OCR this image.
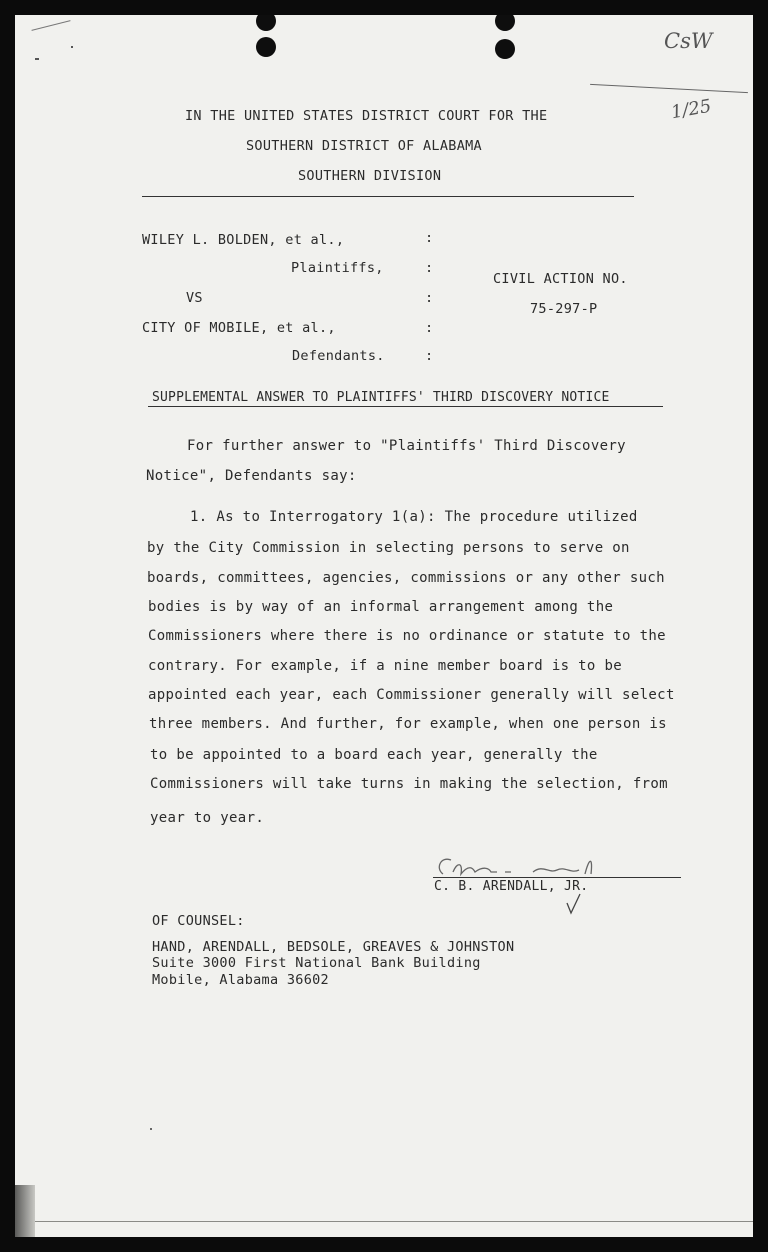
CsW
1/25
IN THE UNITED STATES DISTRICT COURT FOR THE
SOUTHERN DISTRICT OF ALABAMA
SOUTHERN DIVISION
WILEY L. BOLDEN, et al.,
Plaintiffs,
VS
CITY OF MOBILE, et al.,
Defendants.
:
:
:
:
:
CIVIL ACTION NO.
75-297-P
SUPPLEMENTAL ANSWER TO PLAINTIFFS' THIRD DISCOVERY NOTICE
For further answer to "Plaintiffs' Third Discovery
Notice", Defendants say:
1. As to Interrogatory 1(a): The procedure utilized
by the City Commission in selecting persons to serve on
boards, committees, agencies, commissions or any other such
bodies is by way of an informal arrangement among the
Commissioners where there is no ordinance or statute to the
contrary. For example, if a nine member board is to be
appointed each year, each Commissioner generally will select
three members. And further, for example, when one person is
to be appointed to a board each year, generally the
Commissioners will take turns in making the selection, from
year to year.
C. B. ARENDALL, JR.
OF COUNSEL:
HAND, ARENDALL, BEDSOLE, GREAVES & JOHNSTON
Suite 3000 First National Bank Building
Mobile, Alabama 36602
